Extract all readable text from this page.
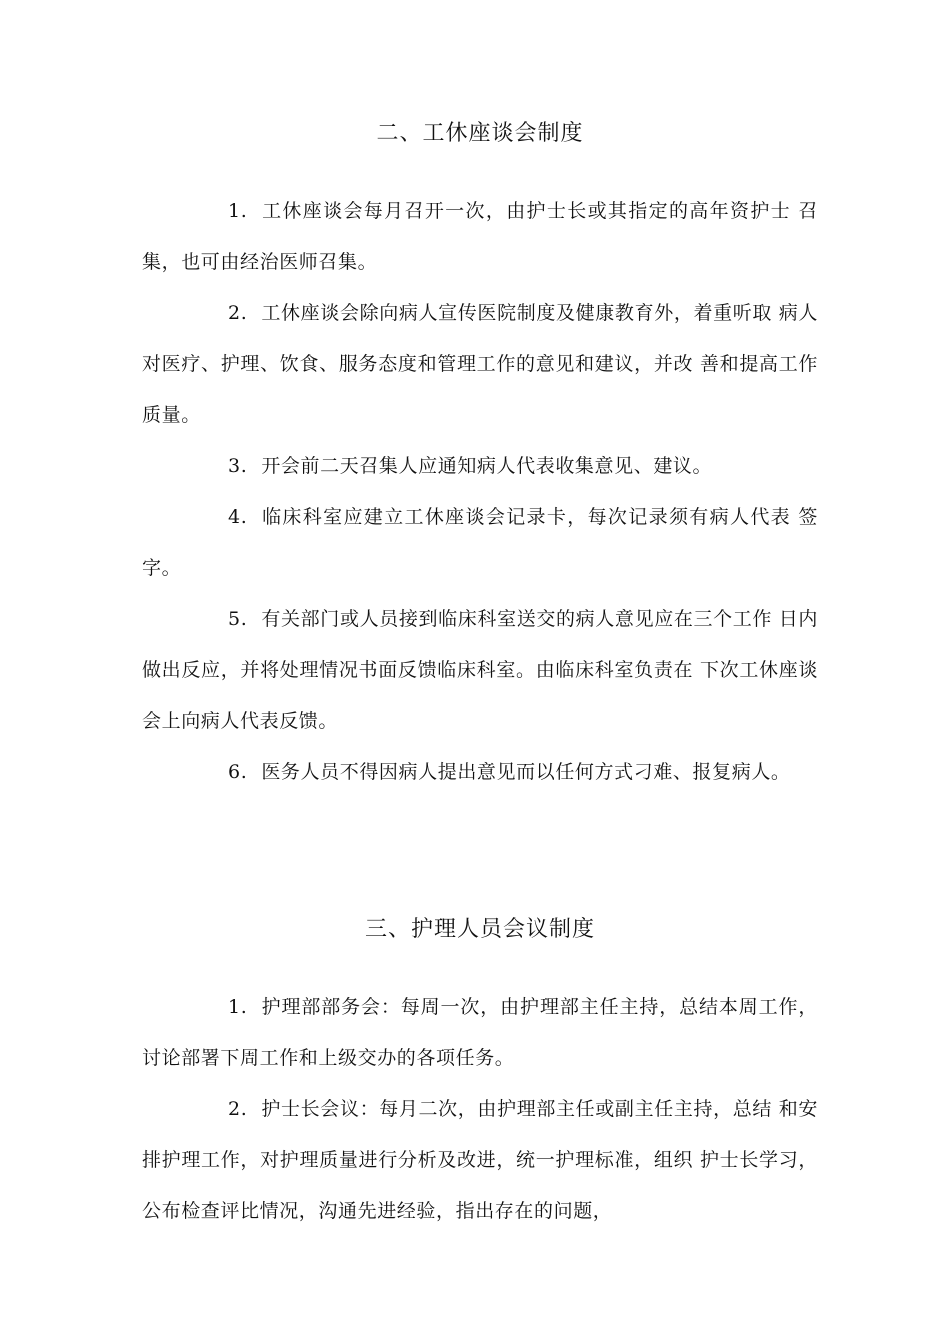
二、工休座谈会制度

1. 工休座谈会每月召开一次，由护士长或其指定的高年资护士 召集，也可由经治医师召集。

2. 工休座谈会除向病人宣传医院制度及健康教育外，着重听取 病人对医疗、护理、饮食、服务态度和管理工作的意见和建议，并改 善和提高工作质量。

3. 开会前二天召集人应通知病人代表收集意见、建议。

4. 临床科室应建立工休座谈会记录卡，每次记录须有病人代表 签字。

5. 有关部门或人员接到临床科室送交的病人意见应在三个工作 日内做出反应，并将处理情况书面反馈临床科室。由临床科室负责在 下次工休座谈会上向病人代表反馈。

6. 医务人员不得因病人提出意见而以任何方式刁难、报复病人。

三、护理人员会议制度

1. 护理部部务会：每周一次，由护理部主任主持，总结本周工作，讨论部署下周工作和上级交办的各项任务。

2. 护士长会议：每月二次，由护理部主任或副主任主持，总结 和安排护理工作，对护理质量进行分析及改进，统一护理标准，组织 护士长学习，公布检查评比情况，沟通先进经验，指出存在的问题，
